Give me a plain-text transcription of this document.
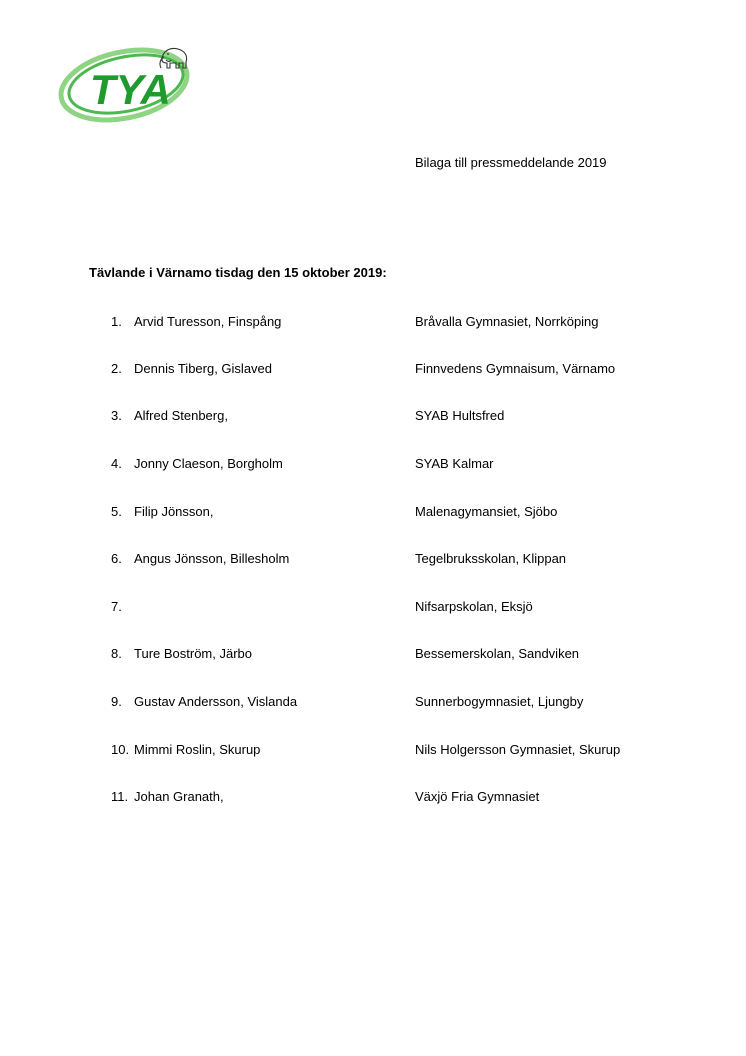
TYA
Bilaga till pressmeddelande 2019
Tävlande i Värnamo tisdag den 15 oktober 2019:
1. Arvid Turesson, Finspång	Bråvalla Gymnasiet, Norrköping
2. Dennis Tiberg, Gislaved	Finnvedens Gymnaisum, Värnamo
3. Alfred Stenberg,	SYAB Hultsfred
4. Jonny Claeson, Borgholm	SYAB Kalmar
5. Filip Jönsson,	Malenagymansiet, Sjöbo
6. Angus Jönsson, Billesholm	Tegelbruksskolan, Klippan
7.	Nifsarpskolan, Eksjö
8. Ture Boström, Järbo	Bessemerskolan, Sandviken
9. Gustav Andersson, Vislanda	Sunnerbogymnasiet, Ljungby
10. Mimmi Roslin, Skurup	Nils Holgersson Gymnasiet, Skurup
11. Johan Granath,	Växjö Fria Gymnasiet
